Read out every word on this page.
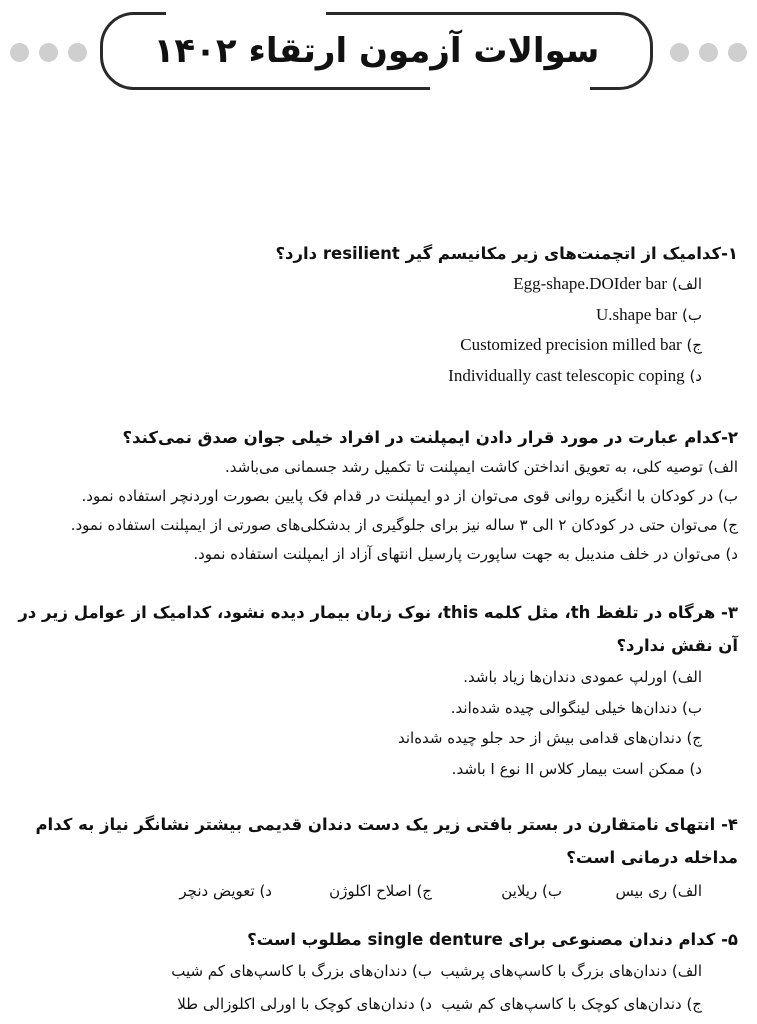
سوالات آزمون ارتقاء ۱۴۰۲
۱-کدامیک از اتچمنت‌های زیر مکانیسم گیر resilient دارد؟
الف) Egg-shape.DOIder bar
ب) U.shape bar
ج) Customized precision milled bar
د) Individually cast telescopic coping
۲-کدام عبارت در مورد قرار دادن ایمپلنت در افراد خیلی جوان صدق نمی‌کند؟
الف) توصیه کلی، به تعویق انداختن کاشت ایمپلنت تا تکمیل رشد جسمانی می‌باشد.
ب) در کودکان با انگیزه روانی قوی می‌توان از دو ایمپلنت در قدام فک پایین بصورت اوردنچر استفاده نمود.
ج) می‌توان حتی در کودکان ۲ الی ۳ ساله نیز برای جلوگیری از بدشکلی‌های صورتی از ایمپلنت استفاده نمود.
د) می‌توان در خلف مندیبل به جهت ساپورت پارسیل انتهای آزاد از ایمپلنت استفاده نمود.
۳- هرگاه در تلفظ th، مثل کلمه this، نوک زبان بیمار دیده نشود، کدامیک از عوامل زیر در آن نقش ندارد؟
الف) اورلپ عمودی دندان‌ها زیاد باشد.
ب) دندان‌ها خیلی لینگوالی چیده شده‌اند.
ج) دندان‌های قدامی بیش از حد جلو چیده شده‌اند
د) ممکن است بیمار کلاس II نوع I باشد.
۴- انتهای نامتقارن در بستر بافتی زیر یک دست دندان قدیمی بیشتر نشانگر نیاز به کدام مداخله درمانی است؟
الف) ری بیس
ب) ریلاین
ج) اصلاح اکلوژن
د) تعویض دنچر
۵- کدام دندان مصنوعی برای single denture مطلوب است؟
الف) دندان‌های بزرگ با کاسپ‌های پرشیب
ب) دندان‌های بزرگ با کاسپ‌های کم شیب
ج) دندان‌های کوچک با کاسپ‌های کم شیب
د) دندان‌های کوچک با اورلی اکلوزالی طلا
